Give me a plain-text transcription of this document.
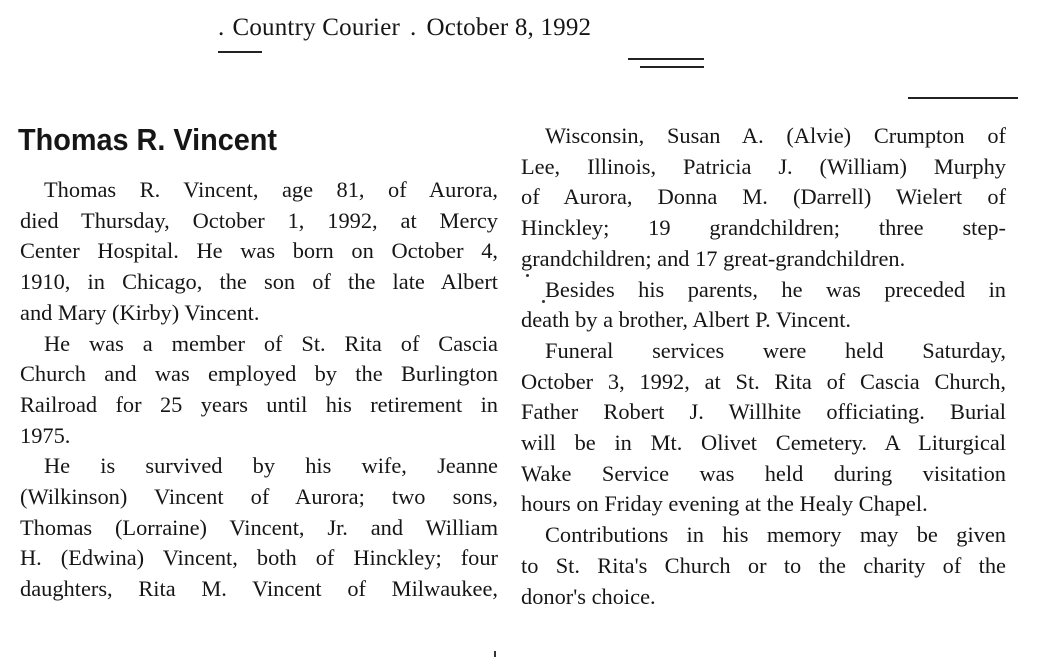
. Country Courier . October 8, 1992
Thomas R. Vincent
Thomas R. Vincent, age 81, of Aurora,
died Thursday, October 1, 1992, at Mercy
Center Hospital. He was born on October 4,
1910, in Chicago, the son of the late Albert
and Mary (Kirby) Vincent.
He was a member of St. Rita of Cascia
Church and was employed by the Burlington
Railroad for 25 years until his retirement in
1975.
He is survived by his wife, Jeanne
(Wilkinson) Vincent of Aurora; two sons,
Thomas (Lorraine) Vincent, Jr. and William
H. (Edwina) Vincent, both of Hinckley; four
daughters, Rita M. Vincent of Milwaukee,
Wisconsin, Susan A. (Alvie) Crumpton of
Lee, Illinois, Patricia J. (William) Murphy
of Aurora, Donna M. (Darrell) Wielert of
Hinckley; 19 grandchildren; three step-
grandchildren; and 17 great-grandchildren.
Besides his parents, he was preceded in
death by a brother, Albert P. Vincent.
Funeral services were held Saturday,
October 3, 1992, at St. Rita of Cascia Church,
Father Robert J. Willhite officiating. Burial
will be in Mt. Olivet Cemetery. A Liturgical
Wake Service was held during visitation
hours on Friday evening at the Healy Chapel.
Contributions in his memory may be given
to St. Rita's Church or to the charity of the
donor's choice.
